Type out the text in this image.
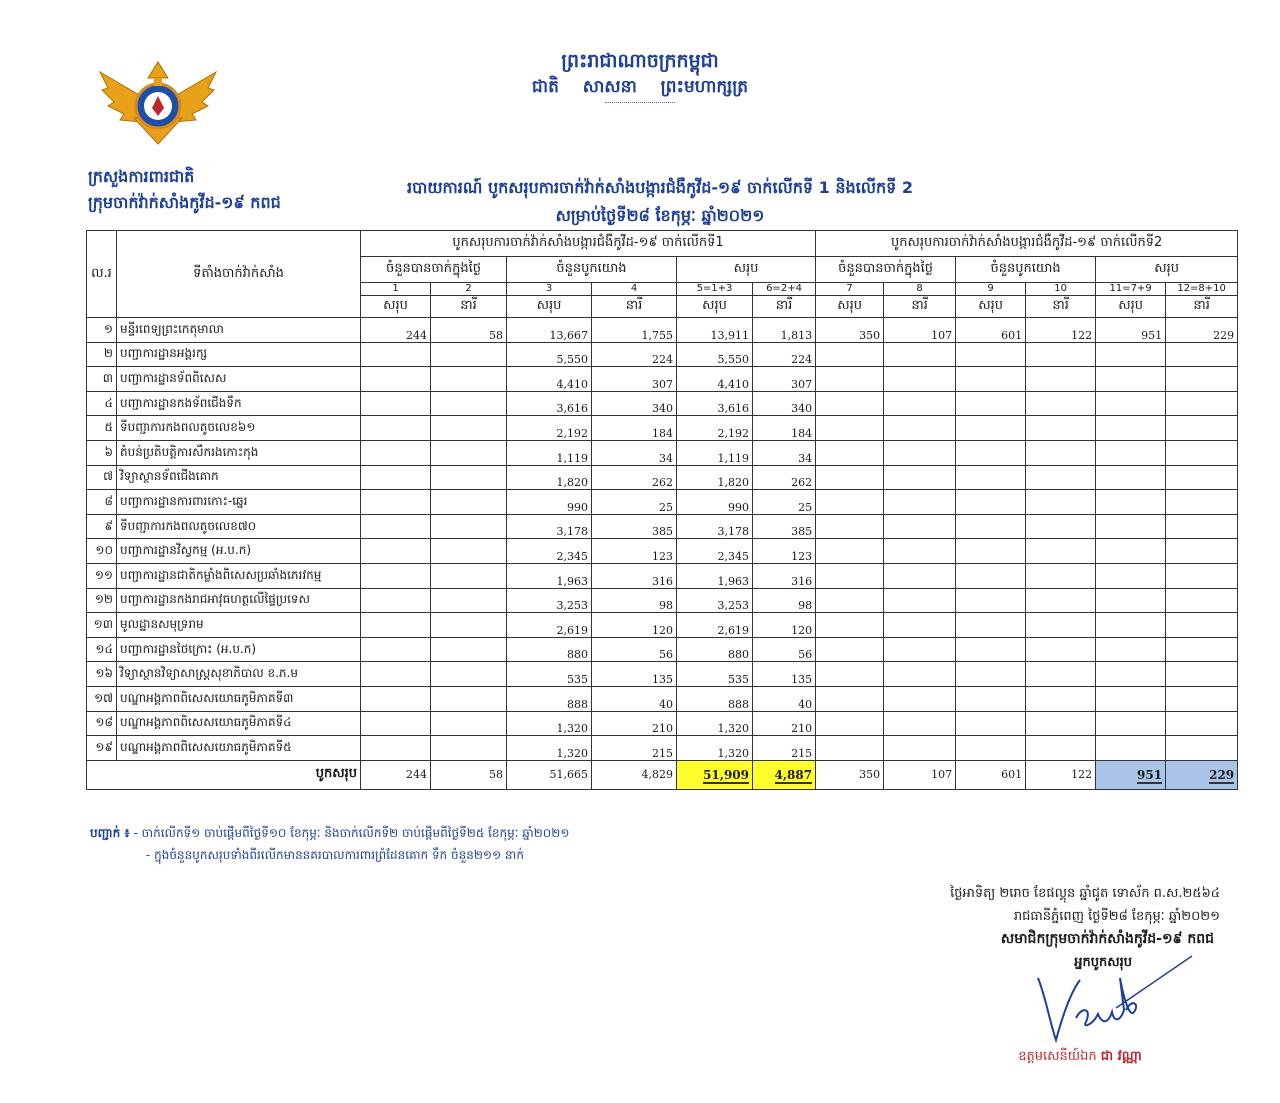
ព្រះរាជាណាចក្រកម្ពុជា
ជាតិ សាសនា ព្រះមហាក្សត្រ
ក្រសួងការពារជាតិ
ក្រុមចាក់វ៉ាក់សាំងកូវីដ-១៩ កពជ
របាយការណ៍ បូកសរុបការចាក់វ៉ាក់សាំងបង្ការជំងឺកូវីដ-១៩ ចាក់លើកទី 1 និងលើកទី 2
សម្រាប់ថ្ងៃទី២៨ ខែកុម្ភៈ ឆ្នាំ២០២១
ល.រ	ទីតាំងចាក់វ៉ាក់សាំង	បូកសរុបការចាក់វ៉ាក់សាំងបង្ការជំងឺកូវីដ-១៩ ចាក់លើកទី1						បូកសរុបការចាក់វ៉ាក់សាំងបង្ការជំងឺកូវីដ-១៩ ចាក់លើកទី2					
		ចំនួនបានចាក់ក្នុងថ្ងៃ		ចំនួនបូកយោង		សរុប		ចំនួនបានចាក់ក្នុងថ្ងៃ		ចំនួនបូកយោង		សរុប	
		1	2	3	4	5=1+3	6=2+4	7	8	9	10	11=7+9	12=8+10
		សរុប	នារី	សរុប	នារី	សរុប	នារី	សរុប	នារី	សរុប	នារី	សរុប	នារី
១	មន្ទីរពេទ្យព្រះកេតុមាលា	244	58	13,667	1,755	13,911	1,813	350	107	601	122	951	229
២	បញ្ជាការដ្ឋានអង្គរក្ស			5,550	224	5,550	224						
៣	បញ្ជាការដ្ឋានទ័ពពិសេស			4,410	307	4,410	307						
៤	បញ្ជាការដ្ឋានកងទ័ពជើងទឹក			3,616	340	3,616	340						
៥	ទីបញ្ជាការកងពលតូចលេខ៦១			2,192	184	2,192	184						
៦	តំបន់ប្រតិបត្តិការសឹករងកោះកុង			1,119	34	1,119	34						
៧	វិទ្យាស្ថានទ័ពជើងគោក			1,820	262	1,820	262						
៨	បញ្ជាការដ្ឋានការពារកោះ-ឆ្នេរ			990	25	990	25						
៩	ទីបញ្ជាការកងពលតូចលេខ៧០			3,178	385	3,178	385						
១០	បញ្ជាការដ្ឋានវិស្វកម្ម (អ.ប.ក)			2,345	123	2,345	123						
១១	បញ្ជាការដ្ឋានជាតិកម្លាំងពិសេសប្រឆាំងភេរវកម្ម			1,963	316	1,963	316						
១២	បញ្ជាការដ្ឋានកងរាជអាវុធហត្ថលើផ្ទៃប្រទេស			3,253	98	3,253	98						
១៣	មូលដ្ឋានសមុទ្ររាម			2,619	120	2,619	120						
១៤	បញ្ជាការដ្ឋានថៃក្រោះ (អ.ប.ក)			880	56	880	56						
១៦	វិទ្យាស្ថានវិទ្យាសាស្ត្រសុខាភិបាល ខ.ភ.ម			535	135	535	135						
១៧	បណ្ឌាអង្គភាពពិសេសយោធភូមិភាគទី៣			888	40	888	40						
១៨	បណ្ឌាអង្គភាពពិសេសយោធភូមិភាគទី៤			1,320	210	1,320	210						
១៩	បណ្ឌាអង្គភាពពិសេសយោធភូមិភាគទី៥			1,320	215	1,320	215						
បូកសរុប		244	58	51,665	4,829	51,909	4,887	350	107	601	122	951	229
បញ្ជាក់ ៖ - ចាក់លើកទី១ ចាប់ផ្តើមពីថ្ងៃទី១០ ខែកុម្ភៈ និងចាក់លើកទី២ ចាប់ផ្តើមពីថ្ងៃទី២៥ ខែកុម្ភៈ ឆ្នាំ២០២១
- ក្នុងចំនួនបូកសរុបទាំងពីរលើកមាននគរបាលការពារព្រំដែនគោក ទឹក ចំនួន២១១ នាក់
ថ្ងៃអាទិត្យ ២រោច ខែផល្គុន ឆ្នាំជូត ទោស័ក ព.ស.២៥៦៤
រាជធានីភ្នំពេញ ថ្ងៃទី២៨ ខែកុម្ភៈ ឆ្នាំ២០២១
សមាជិកក្រុមចាក់វ៉ាក់សាំងកូវីដ-១៩ កពជ
អ្នកបូកសរុប
ឧត្តមសេនីយ៍ឯក ជា វណ្ណា
